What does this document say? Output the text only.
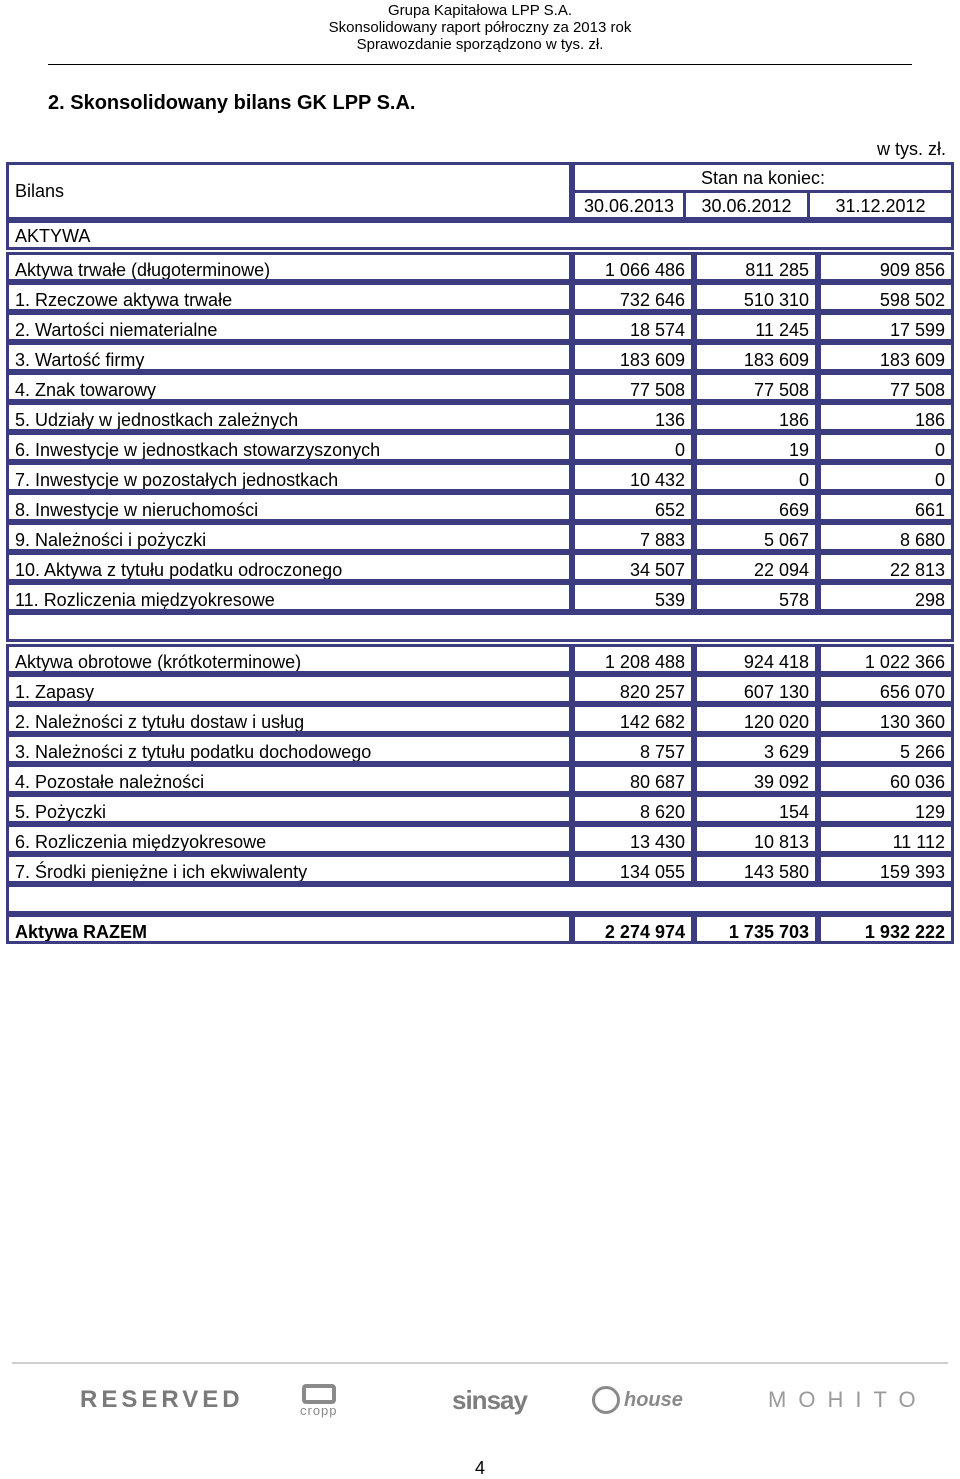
Grupa Kapitałowa LPP S.A.
Skonsolidowany raport półroczny za 2013 rok
Sprawozdanie sporządzono w tys. zł.
2. Skonsolidowany bilans GK LPP S.A.
w tys. zł.
Bilans
Stan na koniec:
30.06.2013	30.06.2012	31.12.2012
AKTYWA
Aktywa trwałe (długoterminowe)	1 066 486	811 285	909 856
1. Rzeczowe aktywa trwałe	732 646	510 310	598 502
2. Wartości niematerialne	18 574	11 245	17 599
3. Wartość firmy	183 609	183 609	183 609
4. Znak towarowy	77 508	77 508	77 508
5. Udziały w jednostkach zależnych	136	186	186
6. Inwestycje w jednostkach stowarzyszonych	0	19	0
7. Inwestycje w pozostałych jednostkach	10 432	0	0
8. Inwestycje w nieruchomości	652	669	661
9. Należności i pożyczki	7 883	5 067	8 680
10. Aktywa z tytułu podatku odroczonego	34 507	22 094	22 813
11. Rozliczenia międzyokresowe	539	578	298
Aktywa obrotowe (krótkoterminowe)	1 208 488	924 418	1 022 366
1. Zapasy	820 257	607 130	656 070
2. Należności z tytułu dostaw i usług	142 682	120 020	130 360
3. Należności z tytułu podatku dochodowego	8 757	3 629	5 266
4. Pozostałe należności	80 687	39 092	60 036
5. Pożyczki	8 620	154	129
6. Rozliczenia międzyokresowe	13 430	10 813	11 112
7. Środki pieniężne i ich ekwiwalenty	134 055	143 580	159 393
Aktywa RAZEM	2 274 974	1 735 703	1 932 222
RESERVED	cropp	sinsay	house	MOHITO
4
